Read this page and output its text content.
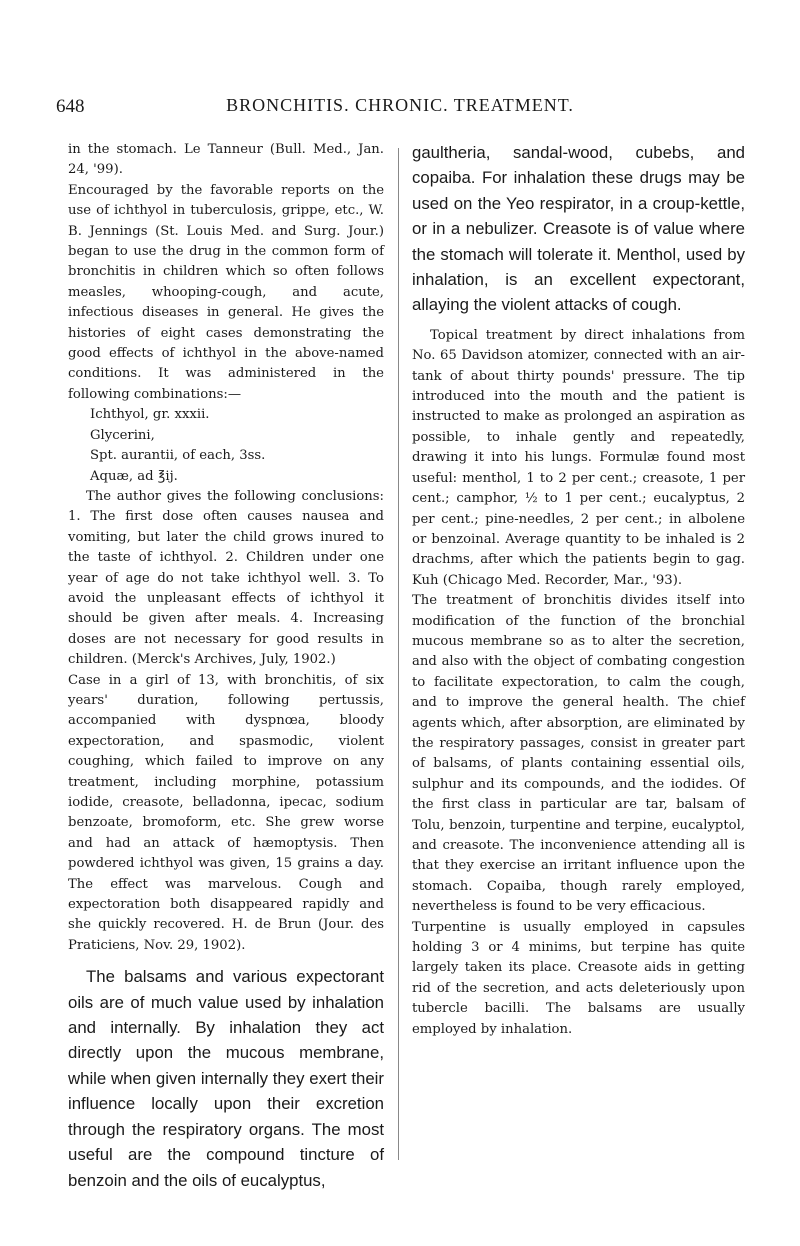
648	BRONCHITIS. CHRONIC. TREATMENT.

in the stomach. Le Tanneur (Bull. Med., Jan. 24, '99).

Encouraged by the favorable reports on the use of ichthyol in tuberculosis, grippe, etc., W. B. Jennings (St. Louis Med. and Surg. Jour.) began to use the drug in the common form of bronchitis in children which so often follows measles, whooping-cough, and acute, infectious diseases in general. He gives the histories of eight cases demonstrating the good effects of ichthyol in the above-named conditions. It was administered in the following combinations:—

Ichthyol, gr. xxxii.
Glycerini,
Spt. aurantii, of each, 3ss.
Aquæ, ad ℥ij.

The author gives the following conclusions: 1. The first dose often causes nausea and vomiting, but later the child grows inured to the taste of ichthyol. 2. Children under one year of age do not take ichthyol well. 3. To avoid the unpleasant effects of ichthyol it should be given after meals. 4. Increasing doses are not necessary for good results in children. (Merck's Archives, July, 1902.)

Case in a girl of 13, with bronchitis, of six years' duration, following pertussis, accompanied with dyspnœa, bloody expectoration, and spasmodic, violent coughing, which failed to improve on any treatment, including morphine, potassium iodide, creasote, belladonna, ipecac, sodium benzoate, bromoform, etc. She grew worse and had an attack of hæmoptysis. Then powdered ichthyol was given, 15 grains a day. The effect was marvelous. Cough and expectoration both disappeared rapidly and she quickly recovered. H. de Brun (Jour. des Praticiens, Nov. 29, 1902).

The balsams and various expectorant oils are of much value used by inhalation and internally. By inhalation they act directly upon the mucous membrane, while when given internally they exert their influence locally upon their excretion through the respiratory organs. The most useful are the compound tincture of benzoin and the oils of eucalyptus,

gaultheria, sandal-wood, cubebs, and copaiba. For inhalation these drugs may be used on the Yeo respirator, in a croup-kettle, or in a nebulizer. Creasote is of value where the stomach will tolerate it. Menthol, used by inhalation, is an excellent expectorant, allaying the violent attacks of cough.

Topical treatment by direct inhalations from No. 65 Davidson atomizer, connected with an air-tank of about thirty pounds' pressure. The tip introduced into the mouth and the patient is instructed to make as prolonged an aspiration as possible, to inhale gently and repeatedly, drawing it into his lungs. Formulæ found most useful: menthol, 1 to 2 per cent.; creasote, 1 per cent.; camphor, ½ to 1 per cent.; eucalyptus, 2 per cent.; pine-needles, 2 per cent.; in albolene or benzoinal. Average quantity to be inhaled is 2 drachms, after which the patients begin to gag. Kuh (Chicago Med. Recorder, Mar., '93).

The treatment of bronchitis divides itself into modification of the function of the bronchial mucous membrane so as to alter the secretion, and also with the object of combating congestion to facilitate expectoration, to calm the cough, and to improve the general health. The chief agents which, after absorption, are eliminated by the respiratory passages, consist in greater part of balsams, of plants containing essential oils, sulphur and its compounds, and the iodides. Of the first class in particular are tar, balsam of Tolu, benzoin, turpentine and terpine, eucalyptol, and creasote. The inconvenience attending all is that they exercise an irritant influence upon the stomach. Copaiba, though rarely employed, nevertheless is found to be very efficacious.

Turpentine is usually employed in capsules holding 3 or 4 minims, but terpine has quite largely taken its place. Creasote aids in getting rid of the secretion, and acts deleteriously upon tubercle bacilli. The balsams are usually employed by inhalation.
